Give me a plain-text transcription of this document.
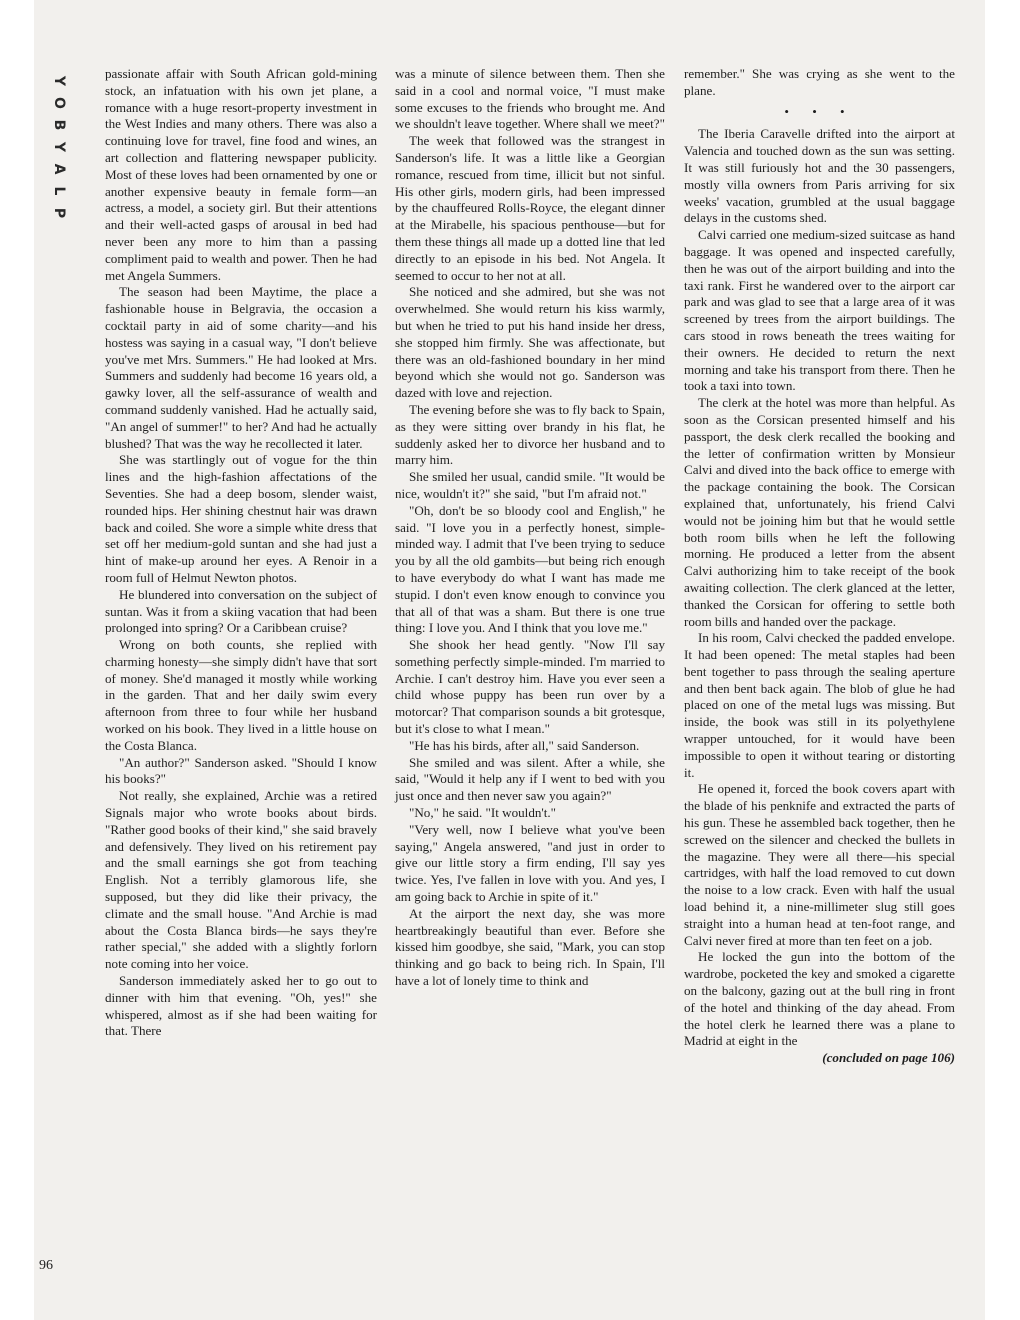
Y
O
B
Y
A
L
P
96

passionate affair with South African gold-mining stock, an infatuation with his own jet plane, a romance with a huge resort-property investment in the West Indies and many others. There was also a continuing love for travel, fine food and wines, an art collection and flattering newspaper publicity. Most of these loves had been ornamented by one or another expensive beauty in female form—an actress, a model, a society girl. But their attentions and their well-acted gasps of arousal in bed had never been any more to him than a passing compliment paid to wealth and power. Then he had met Angela Summers.

The season had been Maytime, the place a fashionable house in Belgravia, the occasion a cocktail party in aid of some charity—and his hostess was saying in a casual way, "I don't believe you've met Mrs. Summers." He had looked at Mrs. Summers and suddenly had become 16 years old, a gawky lover, all the self-assurance of wealth and command suddenly vanished. Had he actually said, "An angel of summer!" to her? And had he actually blushed? That was the way he recollected it later.

She was startlingly out of vogue for the thin lines and the high-fashion affectations of the Seventies. She had a deep bosom, slender waist, rounded hips. Her shining chestnut hair was drawn back and coiled. She wore a simple white dress that set off her medium-gold suntan and she had just a hint of make-up around her eyes. A Renoir in a room full of Helmut Newton photos.

He blundered into conversation on the subject of suntan. Was it from a skiing vacation that had been prolonged into spring? Or a Caribbean cruise?

Wrong on both counts, she replied with charming honesty—she simply didn't have that sort of money. She'd managed it mostly while working in the garden. That and her daily swim every afternoon from three to four while her husband worked on his book. They lived in a little house on the Costa Blanca.

"An author?" Sanderson asked. "Should I know his books?"

Not really, she explained, Archie was a retired Signals major who wrote books about birds. "Rather good books of their kind," she said bravely and defensively. They lived on his retirement pay and the small earnings she got from teaching English. Not a terribly glamorous life, she supposed, but they did like their privacy, the climate and the small house. "And Archie is mad about the Costa Blanca birds—he says they're rather special," she added with a slightly forlorn note coming into her voice.

Sanderson immediately asked her to go out to dinner with him that evening. "Oh, yes!" she whispered, almost as if she had been waiting for that. There

was a minute of silence between them. Then she said in a cool and normal voice, "I must make some excuses to the friends who brought me. And we shouldn't leave together. Where shall we meet?"

The week that followed was the strangest in Sanderson's life. It was a little like a Georgian romance, rescued from time, illicit but not sinful. His other girls, modern girls, had been impressed by the chauffeured Rolls-Royce, the elegant dinner at the Mirabelle, his spacious penthouse—but for them these things all made up a dotted line that led directly to an episode in his bed. Not Angela. It seemed to occur to her not at all.

She noticed and she admired, but she was not overwhelmed. She would return his kiss warmly, but when he tried to put his hand inside her dress, she stopped him firmly. She was affectionate, but there was an old-fashioned boundary in her mind beyond which she would not go. Sanderson was dazed with love and rejection.

The evening before she was to fly back to Spain, as they were sitting over brandy in his flat, he suddenly asked her to divorce her husband and to marry him.

She smiled her usual, candid smile. "It would be nice, wouldn't it?" she said, "but I'm afraid not."

"Oh, don't be so bloody cool and English," he said. "I love you in a perfectly honest, simple-minded way. I admit that I've been trying to seduce you by all the old gambits—but being rich enough to have everybody do what I want has made me stupid. I don't even know enough to convince you that all of that was a sham. But there is one true thing: I love you. And I think that you love me."

She shook her head gently. "Now I'll say something perfectly simple-minded. I'm married to Archie. I can't destroy him. Have you ever seen a child whose puppy has been run over by a motorcar? That comparison sounds a bit grotesque, but it's close to what I mean."

"He has his birds, after all," said Sanderson.

She smiled and was silent. After a while, she said, "Would it help any if I went to bed with you just once and then never saw you again?"

"No," he said. "It wouldn't."

"Very well, now I believe what you've been saying," Angela answered, "and just in order to give our little story a firm ending, I'll say yes twice. Yes, I've fallen in love with you. And yes, I am going back to Archie in spite of it."

At the airport the next day, she was more heartbreakingly beautiful than ever. Before she kissed him goodbye, she said, "Mark, you can stop thinking and go back to being rich. In Spain, I'll have a lot of lonely time to think and

remember." She was crying as she went to the plane.

• • •

The Iberia Caravelle drifted into the airport at Valencia and touched down as the sun was setting. It was still furiously hot and the 30 passengers, mostly villa owners from Paris arriving for six weeks' vacation, grumbled at the usual baggage delays in the customs shed.

Calvi carried one medium-sized suitcase as hand baggage. It was opened and inspected carefully, then he was out of the airport building and into the taxi rank. First he wandered over to the airport car park and was glad to see that a large area of it was screened by trees from the airport buildings. The cars stood in rows beneath the trees waiting for their owners. He decided to return the next morning and take his transport from there. Then he took a taxi into town.

The clerk at the hotel was more than helpful. As soon as the Corsican presented himself and his passport, the desk clerk recalled the booking and the letter of confirmation written by Monsieur Calvi and dived into the back office to emerge with the package containing the book. The Corsican explained that, unfortunately, his friend Calvi would not be joining him but that he would settle both room bills when he left the following morning. He produced a letter from the absent Calvi authorizing him to take receipt of the book awaiting collection. The clerk glanced at the letter, thanked the Corsican for offering to settle both room bills and handed over the package.

In his room, Calvi checked the padded envelope. It had been opened: The metal staples had been bent together to pass through the sealing aperture and then bent back again. The blob of glue he had placed on one of the metal lugs was missing. But inside, the book was still in its polyethylene wrapper untouched, for it would have been impossible to open it without tearing or distorting it.

He opened it, forced the book covers apart with the blade of his penknife and extracted the parts of his gun. These he assembled back together, then he screwed on the silencer and checked the bullets in the magazine. They were all there—his special cartridges, with half the load removed to cut down the noise to a low crack. Even with half the usual load behind it, a nine-millimeter slug still goes straight into a human head at ten-foot range, and Calvi never fired at more than ten feet on a job.

He locked the gun into the bottom of the wardrobe, pocketed the key and smoked a cigarette on the balcony, gazing out at the bull ring in front of the hotel and thinking of the day ahead. From the hotel clerk he learned there was a plane to Madrid at eight in the

(concluded on page 106)
